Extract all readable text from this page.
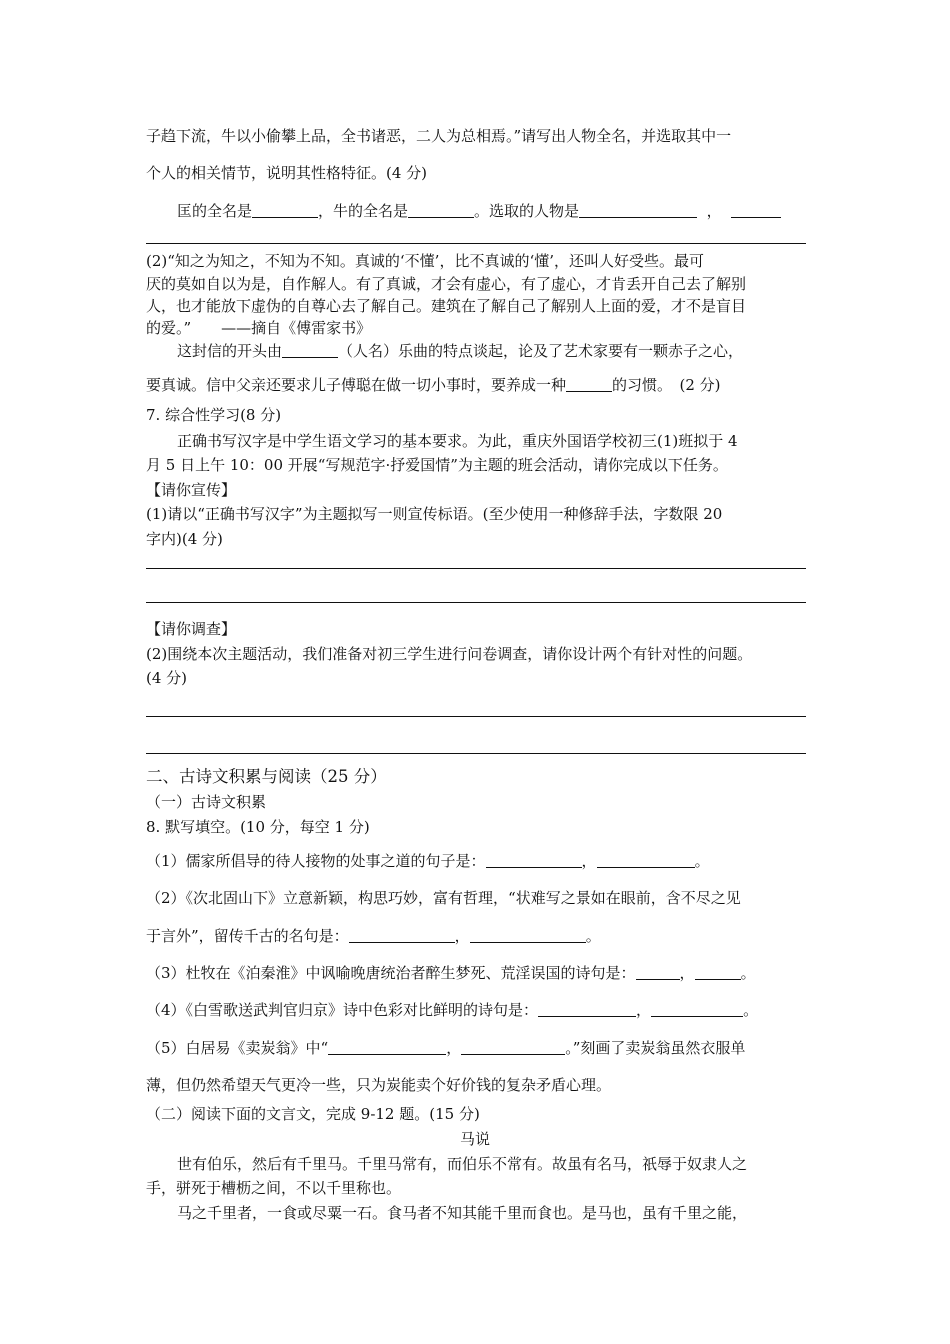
子趋下流，牛以小偷攀上品，全书诸恶，二人为总相焉。”请写出人物全名，并选取其中一
个人的相关情节，说明其性格特征。(4 分)
匡的全名是	，牛的全名是	。选取的人物是	，
(2)“知之为知之，不知为不知。真诚的‘不懂’，比不真诚的‘懂’，还叫人好受些。最可
厌的莫如自以为是，自作解人。有了真诚，才会有虚心，有了虚心，才肯丢开自己去了解别
人，也才能放下虚伪的自尊心去了解自己。建筑在了解自己了解别人上面的爱，才不是盲目
的爱。”　　——摘自《傅雷家书》
这封信的开头由	（人名）乐曲的特点谈起，论及了艺术家要有一颗赤子之心，
要真诚。信中父亲还要求儿子傅聪在做一切小事时，要养成一种	的习惯。　(2 分)
7. 综合性学习(8 分)
正确书写汉字是中学生语文学习的基本要求。为此，重庆外国语学校初三(1)班拟于 4
月 5 日上午 10：00 开展“写规范字·抒爱国情”为主题的班会活动，请你完成以下任务。
【请你宣传】
(1)请以“正确书写汉字”为主题拟写一则宣传标语。(至少使用一种修辞手法，字数限 20
字内)(4 分)
【请你调查】
(2)围绕本次主题活动，我们准备对初三学生进行问卷调查，请你设计两个有针对性的问题。
(4 分)
二、古诗文积累与阅读（25 分）
（一）古诗文积累
8. 默写填空。(10 分，每空 1 分)
（1）儒家所倡导的待人接物的处事之道的句子是：	，	。
（2）《次北固山下》立意新颖，构思巧妙，富有哲理，“状难写之景如在眼前，含不尽之见
于言外”，留传千古的名句是：	，	。
（3）杜牧在《泊秦淮》中讽喻晚唐统治者醉生梦死、荒淫误国的诗句是：	，	。
（4）《白雪歌送武判官归京》诗中色彩对比鲜明的诗句是：	，	。
（5）白居易《卖炭翁》中“	，	。”刻画了卖炭翁虽然衣服单
薄，但仍然希望天气更冷一些，只为炭能卖个好价钱的复杂矛盾心理。
（二）阅读下面的文言文，完成 9-12 题。(15 分)
马说
世有伯乐，然后有千里马。千里马常有，而伯乐不常有。故虽有名马，祇辱于奴隶人之
手，骈死于槽枥之间，不以千里称也。
马之千里者，一食或尽粟一石。食马者不知其能千里而食也。是马也，虽有千里之能，
